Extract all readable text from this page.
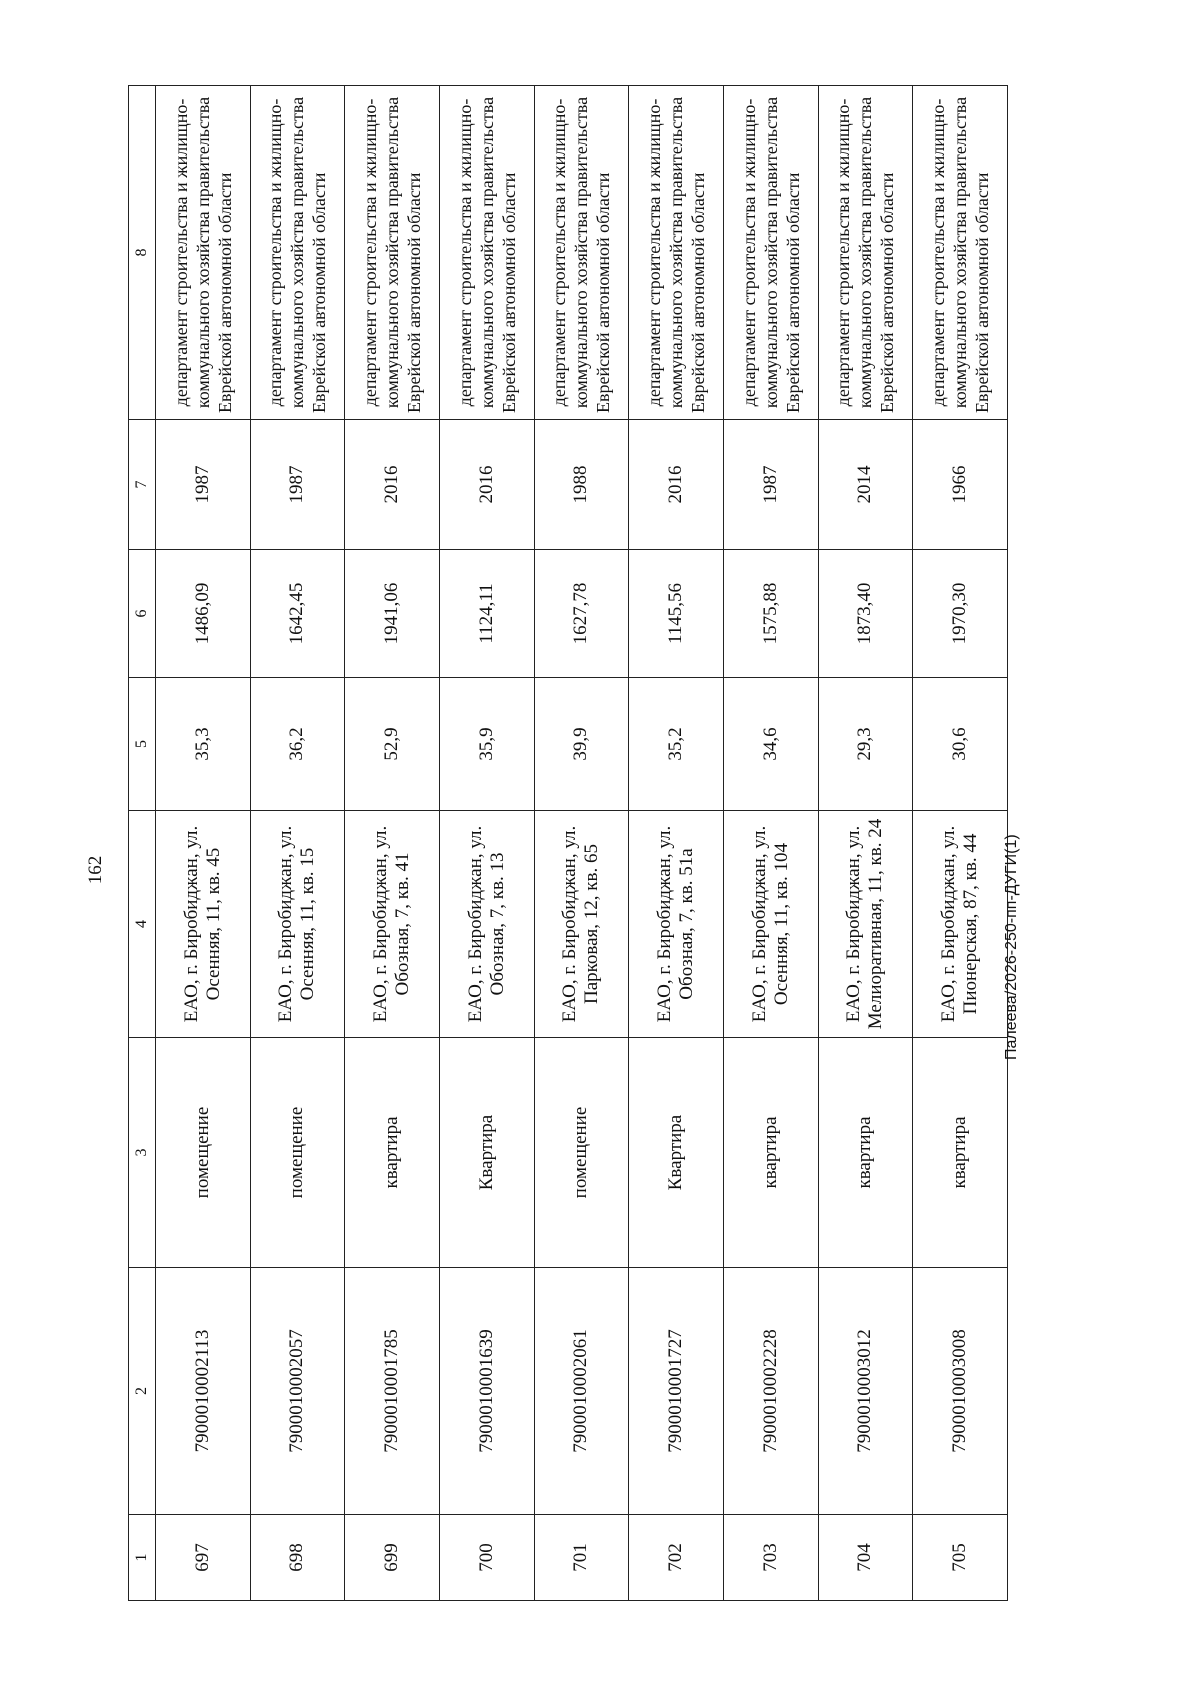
162
1	2	3	4	5	6	7	8
697	7900010002113	помещение	ЕАО, г. Биробиджан, ул. Осенняя, 11, кв. 45	35,3	1486,09	1987	департамент строительства и жилищно-коммунального хозяйства правительства Еврейской автономной области
698	7900010002057	помещение	ЕАО, г. Биробиджан, ул. Осенняя, 11, кв. 15	36,2	1642,45	1987	департамент строительства и жилищно-коммунального хозяйства правительства Еврейской автономной области
699	7900010001785	квартира	ЕАО, г. Биробиджан, ул. Обозная, 7, кв. 41	52,9	1941,06	2016	департамент строительства и жилищно-коммунального хозяйства правительства Еврейской автономной области
700	7900010001639	Квартира	ЕАО, г. Биробиджан, ул. Обозная, 7, кв. 13	35,9	1124,11	2016	департамент строительства и жилищно-коммунального хозяйства правительства Еврейской автономной области
701	7900010002061	помещение	ЕАО, г. Биробиджан, ул. Парковая, 12, кв. 65	39,9	1627,78	1988	департамент строительства и жилищно-коммунального хозяйства правительства Еврейской автономной области
702	7900010001727	Квартира	ЕАО, г. Биробиджан, ул. Обозная, 7, кв. 51а	35,2	1145,56	2016	департамент строительства и жилищно-коммунального хозяйства правительства Еврейской автономной области
703	7900010002228	квартира	ЕАО, г. Биробиджан, ул. Осенняя, 11, кв. 104	34,6	1575,88	1987	департамент строительства и жилищно-коммунального хозяйства правительства Еврейской автономной области
704	7900010003012	квартира	ЕАО, г. Биробиджан, ул. Мелиоративная, 11, кв. 24	29,3	1873,40	2014	департамент строительства и жилищно-коммунального хозяйства правительства Еврейской автономной области
705	7900010003008	квартира	ЕАО, г. Биробиджан, ул. Пионерская, 87, кв. 44	30,6	1970,30	1966	департамент строительства и жилищно-коммунального хозяйства правительства Еврейской автономной области
Палеева/2026-250-пп-ДУГИ(1)
